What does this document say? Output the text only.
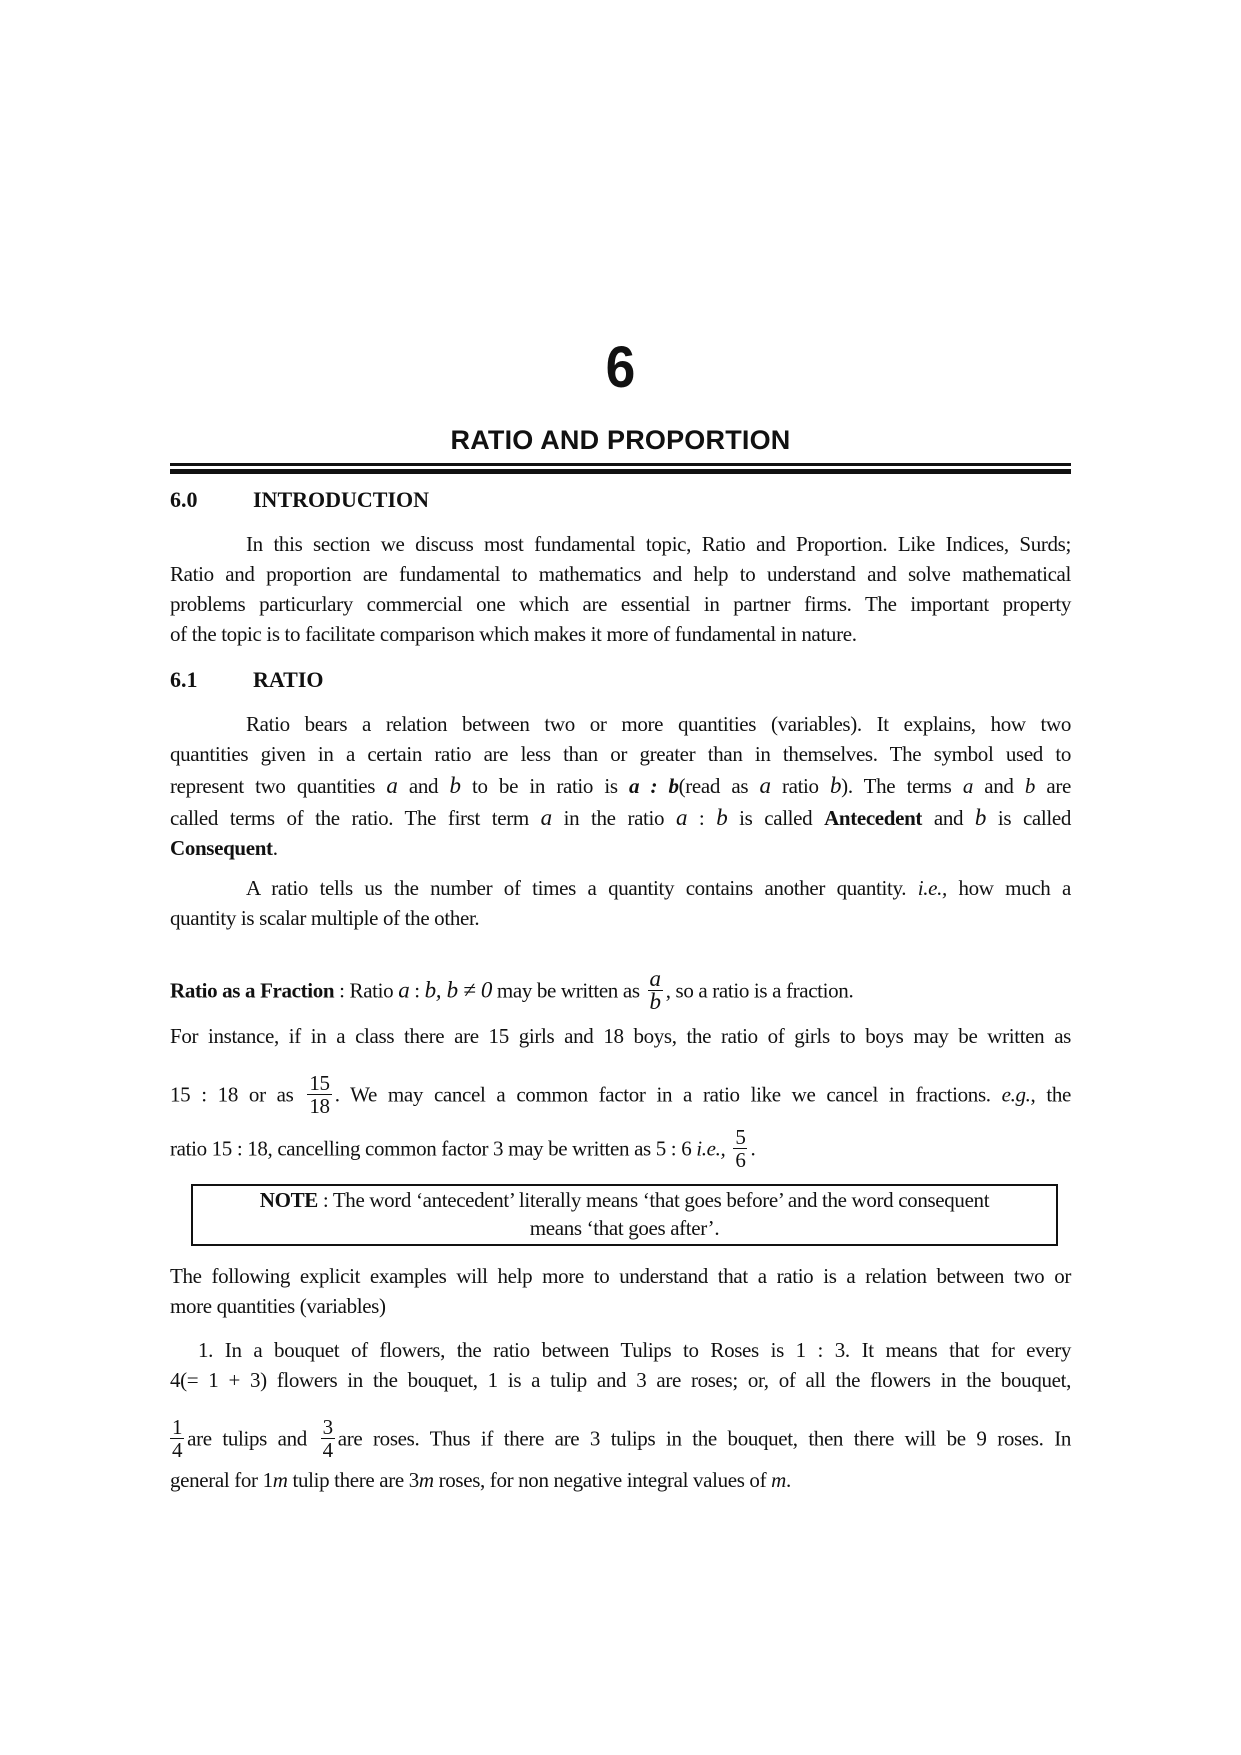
6
RATIO AND PROPORTION
6.0	INTRODUCTION
In this section we discuss most fundamental topic, Ratio and Proportion. Like Indices, Surds;
Ratio and proportion are fundamental to mathematics and help to understand and solve mathematical
problems particurlary commercial one which are essential in partner firms. The important property
of the topic is to facilitate comparison which makes it more of fundamental in nature.
6.1	RATIO
Ratio bears a relation between two or more quantities (variables). It explains, how two
quantities given in a certain ratio are less than or greater than in themselves. The symbol used to
represent two quantities a and b to be in ratio is a : b(read as a ratio b). The terms a and b are
called terms of the ratio. The first term a in the ratio a : b is called Antecedent and b is called
Consequent.
A ratio tells us the number of times a quantity contains another quantity. i.e., how much a
quantity is scalar multiple of the other.
Ratio as a Fraction : Ratio a : b, b ≠ 0 may be written as $\frac{a}{b}$ , so a ratio is a fraction.
For instance, if in a class there are 15 girls and 18 boys, the ratio of girls to boys may be written as
15 : 18 or as $\frac{15}{18}$ . We may cancel a common factor in a ratio like we cancel in fractions. e.g., the
ratio 15 : 18, cancelling common factor 3 may be written as 5 : 6 i.e., $\frac{5}{6}$ .
NOTE : The word ‘antecedent’ literally means ‘that goes before’ and the word consequent
means ‘that goes after’.
The following explicit examples will help more to understand that a ratio is a relation between two or
more quantities (variables)
1. In a bouquet of flowers, the ratio between Tulips to Roses is 1 : 3. It means that for every
4(= 1 + 3) flowers in the bouquet, 1 is a tulip and 3 are roses; or, of all the flowers in the bouquet,
$\frac{1}{4}$ are tulips and $\frac{3}{4}$ are roses. Thus if there are 3 tulips in the bouquet, then there will be 9 roses. In
general for 1m tulip there are 3m roses, for non negative integral values of m.
